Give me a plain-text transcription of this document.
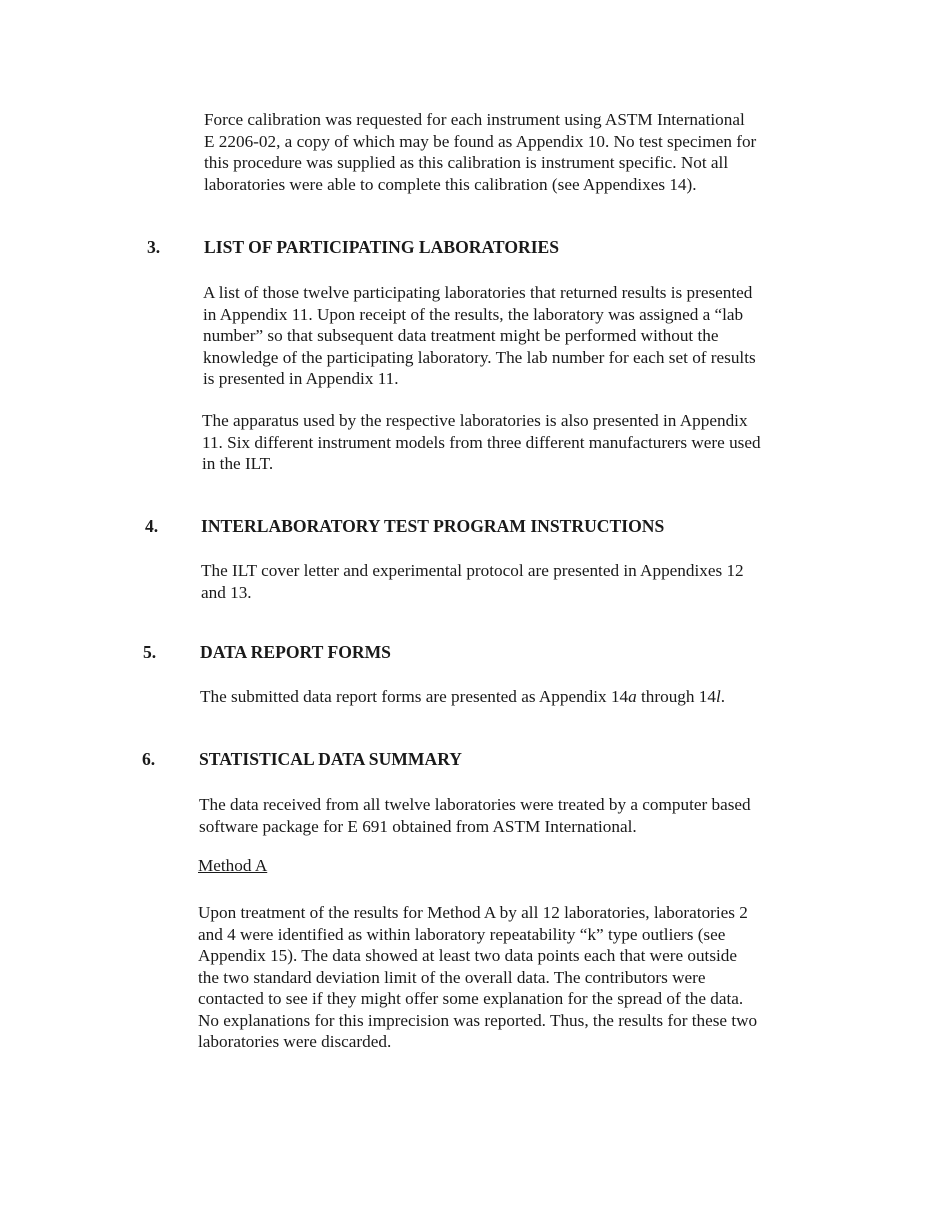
Force calibration was requested for each instrument using ASTM International
E 2206-02, a copy of which may be found as Appendix 10. No test specimen for
this procedure was supplied as this calibration is instrument specific. Not all
laboratories were able to complete this calibration (see Appendixes 14).

3. LIST OF PARTICIPATING LABORATORIES

A list of those twelve participating laboratories that returned results is presented
in Appendix 11. Upon receipt of the results, the laboratory was assigned a “lab
number” so that subsequent data treatment might be performed without the
knowledge of the participating laboratory. The lab number for each set of results
is presented in Appendix 11.

The apparatus used by the respective laboratories is also presented in Appendix
11. Six different instrument models from three different manufacturers were used
in the ILT.

4. INTERLABORATORY TEST PROGRAM INSTRUCTIONS

The ILT cover letter and experimental protocol are presented in Appendixes 12
and 13.

5. DATA REPORT FORMS

The submitted data report forms are presented as Appendix 14a through 14l.

6. STATISTICAL DATA SUMMARY

The data received from all twelve laboratories were treated by a computer based
software package for E 691 obtained from ASTM International.

Method A

Upon treatment of the results for Method A by all 12 laboratories, laboratories 2
and 4 were identified as within laboratory repeatability “k” type outliers (see
Appendix 15). The data showed at least two data points each that were outside
the two standard deviation limit of the overall data. The contributors were
contacted to see if they might offer some explanation for the spread of the data.
No explanations for this imprecision was reported. Thus, the results for these two
laboratories were discarded.
